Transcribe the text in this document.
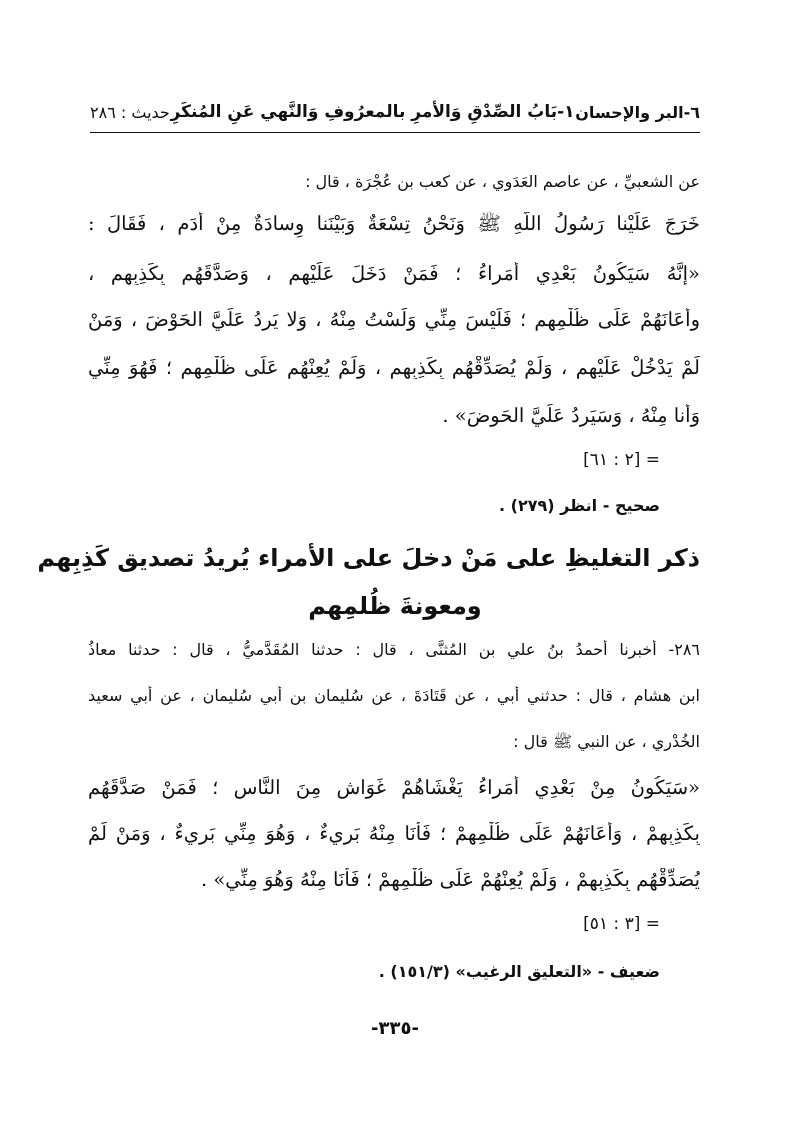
٦-البر والإحسان
١-بَابُ الصِّدْقِ وَالأمرِ بالمعرُوفِ وَالنَّهي عَنِ المُنكَرِ
حديث : ٢٨٦
عن الشعبيِّ ، عن عاصم العَدَوي ، عن كعب بن عُجْرَة ، قال :
خَرَجَ عَلَيْنا رَسُولُ اللّهِ ﷺ وَنَحْنُ تِسْعَةٌ وَبَيْنَنا وِسادَةٌ مِنْ أَدَم ، فَقَالَ :
«إِنَّهُ سَيَكُونُ بَعْدِي أُمَراءُ ؛ فَمَنْ دَخَلَ عَلَيْهِم ، وَصَدَّقَهُم بِكَذِبِهِم ،
وأَعَانَهُمْ عَلَى ظُلْمِهِم ؛ فَلَيْسَ مِنِّي وَلَسْتُ مِنْهُ ، وَلا يَرِدُ عَلَيَّ الحَوْضَ ، وَمَنْ
لَمْ يَدْخُلْ عَلَيْهِم ، وَلَمْ يُصَدِّقْهُم بِكَذِبِهِم ، وَلَمْ يُعِنْهُم عَلَى ظُلْمِهِم ؛ فَهُوَ مِنِّي
وَأَنا مِنْهُ ، وَسَيَرِدُ عَلَيَّ الحَوضَ» .
= [٢ : ٦١]
صحيح - انظر (٢٧٩) .
ذكر التغليظِ على مَنْ دخلَ على الأمراء يُريدُ تصديق كَذِبِهم
ومعونةَ ظُلمِهم
٢٨٦- أخبرنا أحمدُ بنُ علي بن المُثنَّى ، قال : حدثنا المُقَدَّميُّ ، قال : حدثنا معاذُ
ابن هشام ، قال : حدثني أبي ، عن قَتَادَةَ ، عن سُليمان بن أبي سُليمان ، عن أبي سعيد
الخُدْري ، عن النبي ﷺ قال :
«سَيَكُونُ مِنْ بَعْدِي أُمَراءُ يَغْشَاهُمْ غَوَاشٍ مِنَ النَّاسِ ؛ فَمَنْ صَدَّقَهُم
بِكَذِبِهِمْ ، وَأَعَانَهُمْ عَلَى ظُلْمِهِمْ ؛ فَأَنَا مِنْهُ بَرِيءٌ ، وَهُوَ مِنِّي بَرِيءٌ ، وَمَنْ لَمْ
يُصَدِّقْهُم بِكَذِبِهِمْ ، وَلَمْ يُعِنْهُمْ عَلَى ظُلْمِهِمْ ؛ فَأَنَا مِنْهُ وَهُوَ مِنِّي» .
= [٣ : ٥١]
ضعيف - «التعليق الرغيب» (١٥١/٣) .
-٣٣٥-
